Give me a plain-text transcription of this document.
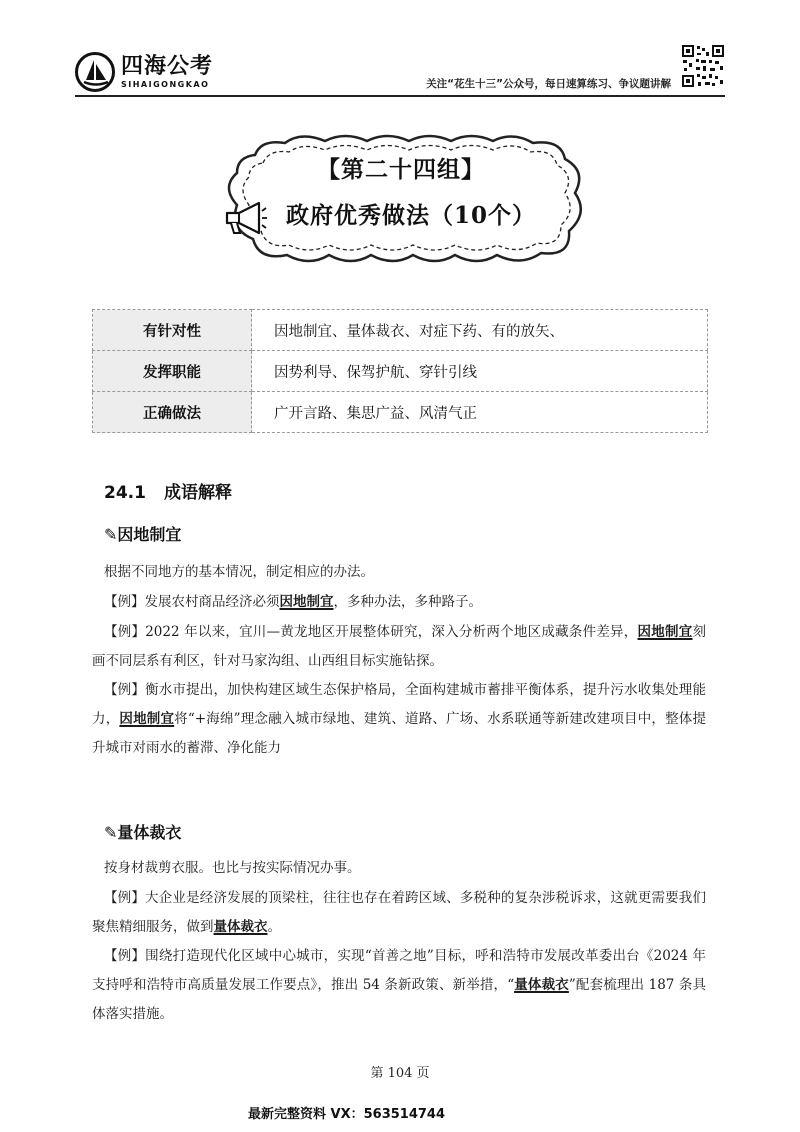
四海公考
SIHAIGONGKAO	关注“花生十三”公众号，每日速算练习、争议题讲解
【第二十四组】
政府优秀做法（10个）
有针对性	因地制宜、量体裁衣、对症下药、有的放矢、
发挥职能	因势利导、保驾护航、穿针引线
正确做法	广开言路、集思广益、风清气正
24.1 成语解释
✎因地制宜
根据不同地方的基本情况，制定相应的办法。
【例】发展农村商品经济必须因地制宜，多种办法，多种路子。
【例】2022 年以来，宜川—黄龙地区开展整体研究，深入分析两个地区成藏条件差异，因地制宜刻画不同层系有利区，针对马家沟组、山西组目标实施钻探。
【例】衡水市提出，加快构建区域生态保护格局，全面构建城市蓄排平衡体系，提升污水收集处理能力，因地制宜将“+海绵”理念融入城市绿地、建筑、道路、广场、水系联通等新建改建项目中，整体提升城市对雨水的蓄滞、净化能力
✎量体裁衣
按身材裁剪衣服。也比与按实际情况办事。
【例】大企业是经济发展的顶梁柱，往往也存在着跨区域、多税种的复杂涉税诉求，这就更需要我们聚焦精细服务，做到量体裁衣。
【例】围绕打造现代化区域中心城市，实现“首善之地”目标，呼和浩特市发展改革委出台《2024 年支持呼和浩特市高质量发展工作要点》，推出 54 条新政策、新举措，“量体裁衣”配套梳理出 187 条具体落实措施。
第 104 页
最新完整资料 VX：563514744
